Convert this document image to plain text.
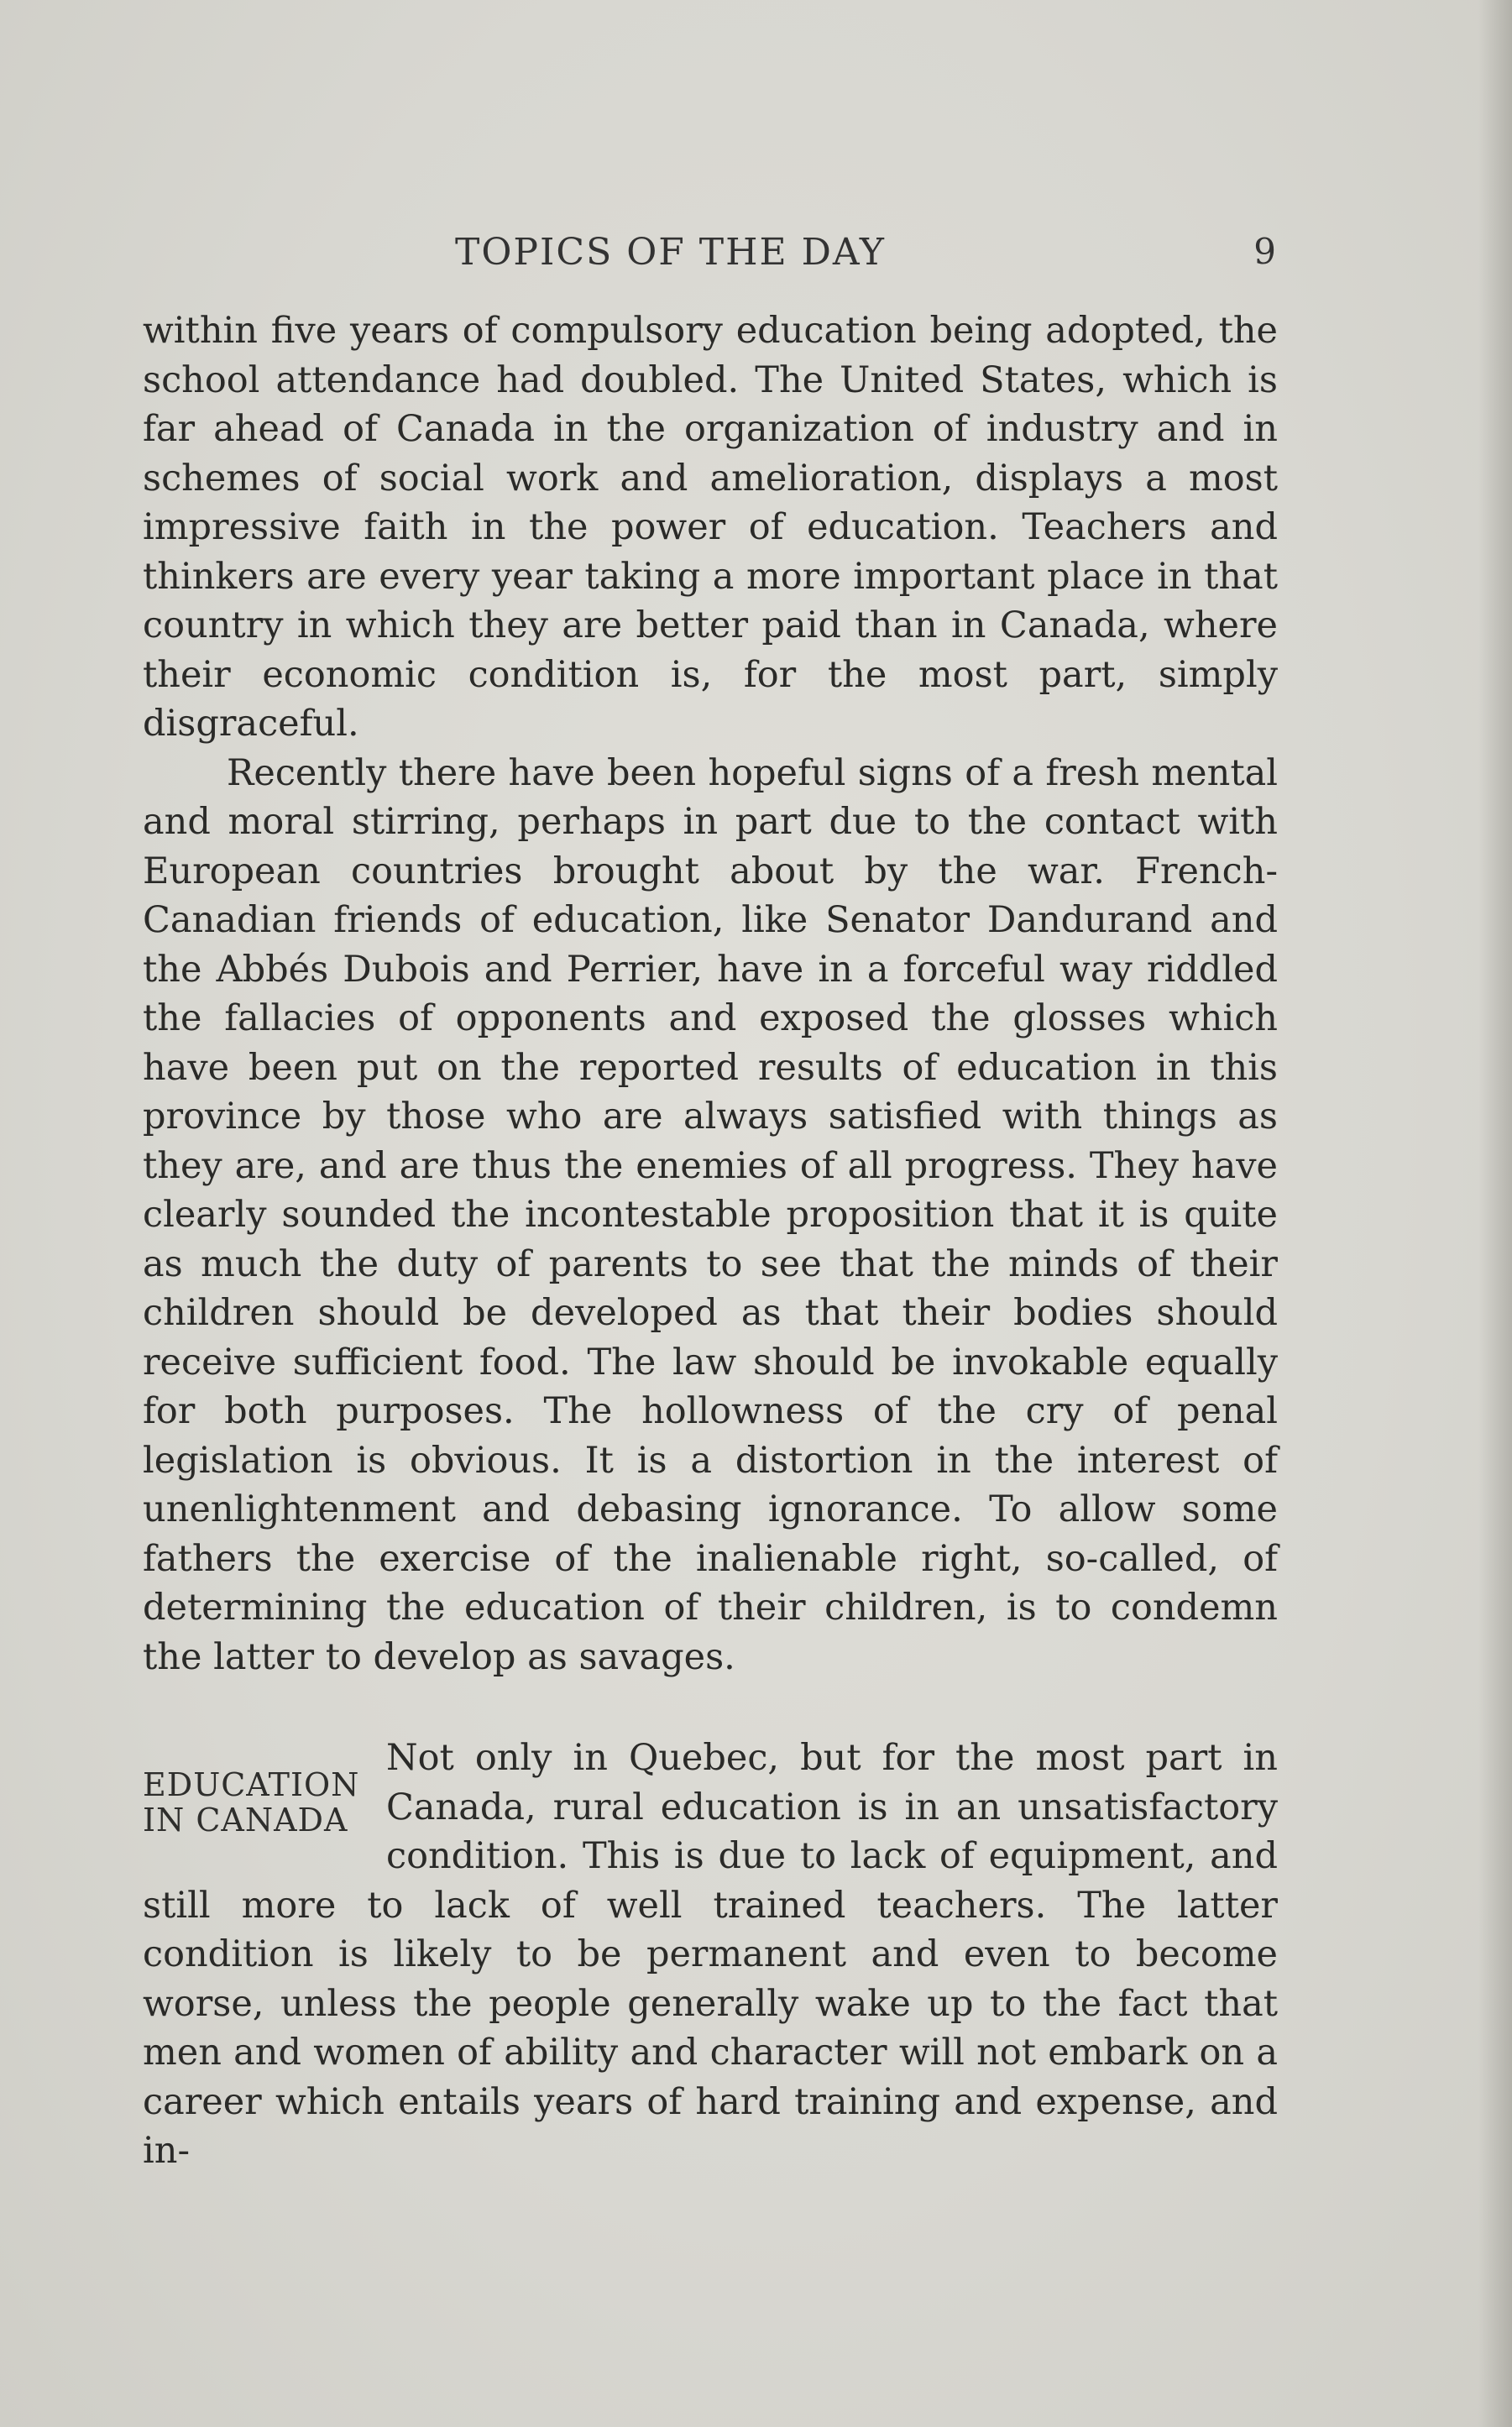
TOPICS OF THE DAY	9

within five years of compulsory education being adopted, the school attendance had doubled. The United States, which is far ahead of Canada in the organization of industry and in schemes of social work and amelioration, displays a most impressive faith in the power of education. Teachers and thinkers are every year taking a more important place in that country in which they are better paid than in Canada, where their economic condition is, for the most part, simply disgraceful.

Recently there have been hopeful signs of a fresh mental and moral stirring, perhaps in part due to the contact with European countries brought about by the war. French-Canadian friends of education, like Senator Dandurand and the Abbés Dubois and Perrier, have in a forceful way riddled the fallacies of opponents and exposed the glosses which have been put on the reported results of education in this province by those who are always satisfied with things as they are, and are thus the enemies of all progress. They have clearly sounded the incontestable proposition that it is quite as much the duty of parents to see that the minds of their children should be developed as that their bodies should receive sufficient food. The law should be invokable equally for both purposes. The hollowness of the cry of penal legislation is obvious. It is a distortion in the interest of unenlightenment and debasing ignorance. To allow some fathers the exercise of the inalienable right, so-called, of determining the education of their children, is to condemn the latter to develop as savages.

EDUCATION
IN CANADA

Not only in Quebec, but for the most part in Canada, rural education is in an unsatisfactory condition. This is due to lack of equipment, and still more to lack of well trained teachers. The latter condition is likely to be permanent and even to become worse, unless the people generally wake up to the fact that men and women of ability and character will not embark on a career which entails years of hard training and expense, and in-
